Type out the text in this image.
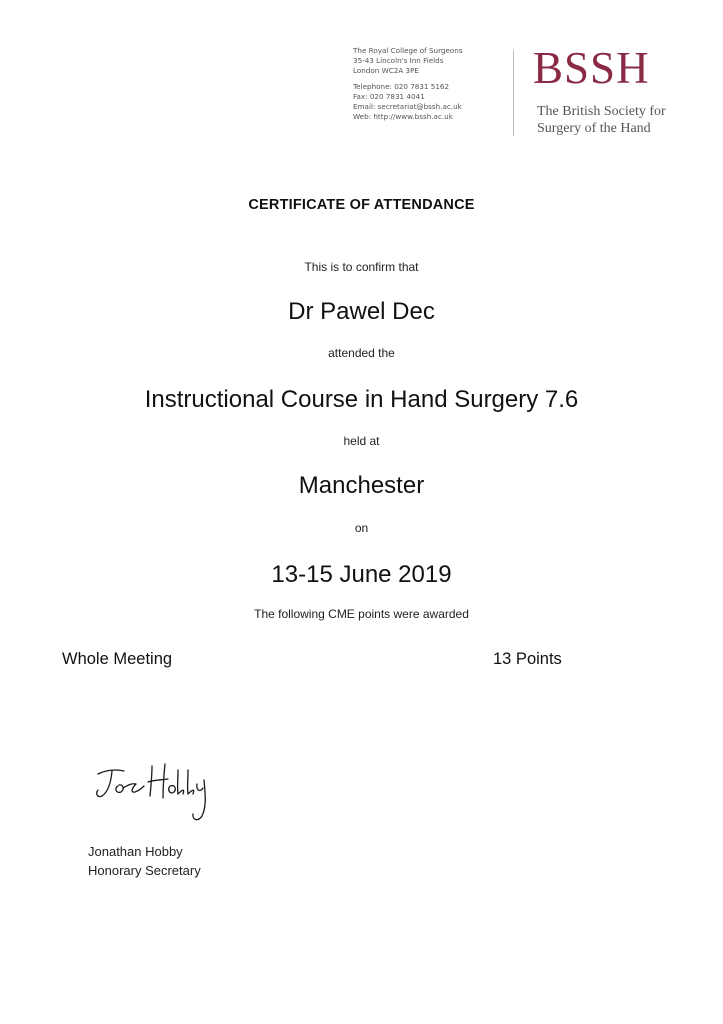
The Royal College of Surgeons
35-43 Lincoln's Inn Fields
London WC2A 3PE
Telephone: 020 7831 5162
Fax: 020 7831 4041
Email: secretariat@bssh.ac.uk
Web: http://www.bssh.ac.uk
BSSH
The British Society for
Surgery of the Hand
CERTIFICATE OF ATTENDANCE
This is to confirm that
Dr Pawel Dec
attended the
Instructional Course in Hand Surgery 7.6
held at
Manchester
on
13-15 June 2019
The following CME points were awarded
Whole Meeting	13 Points
Jonathan Hobby
Honorary Secretary
